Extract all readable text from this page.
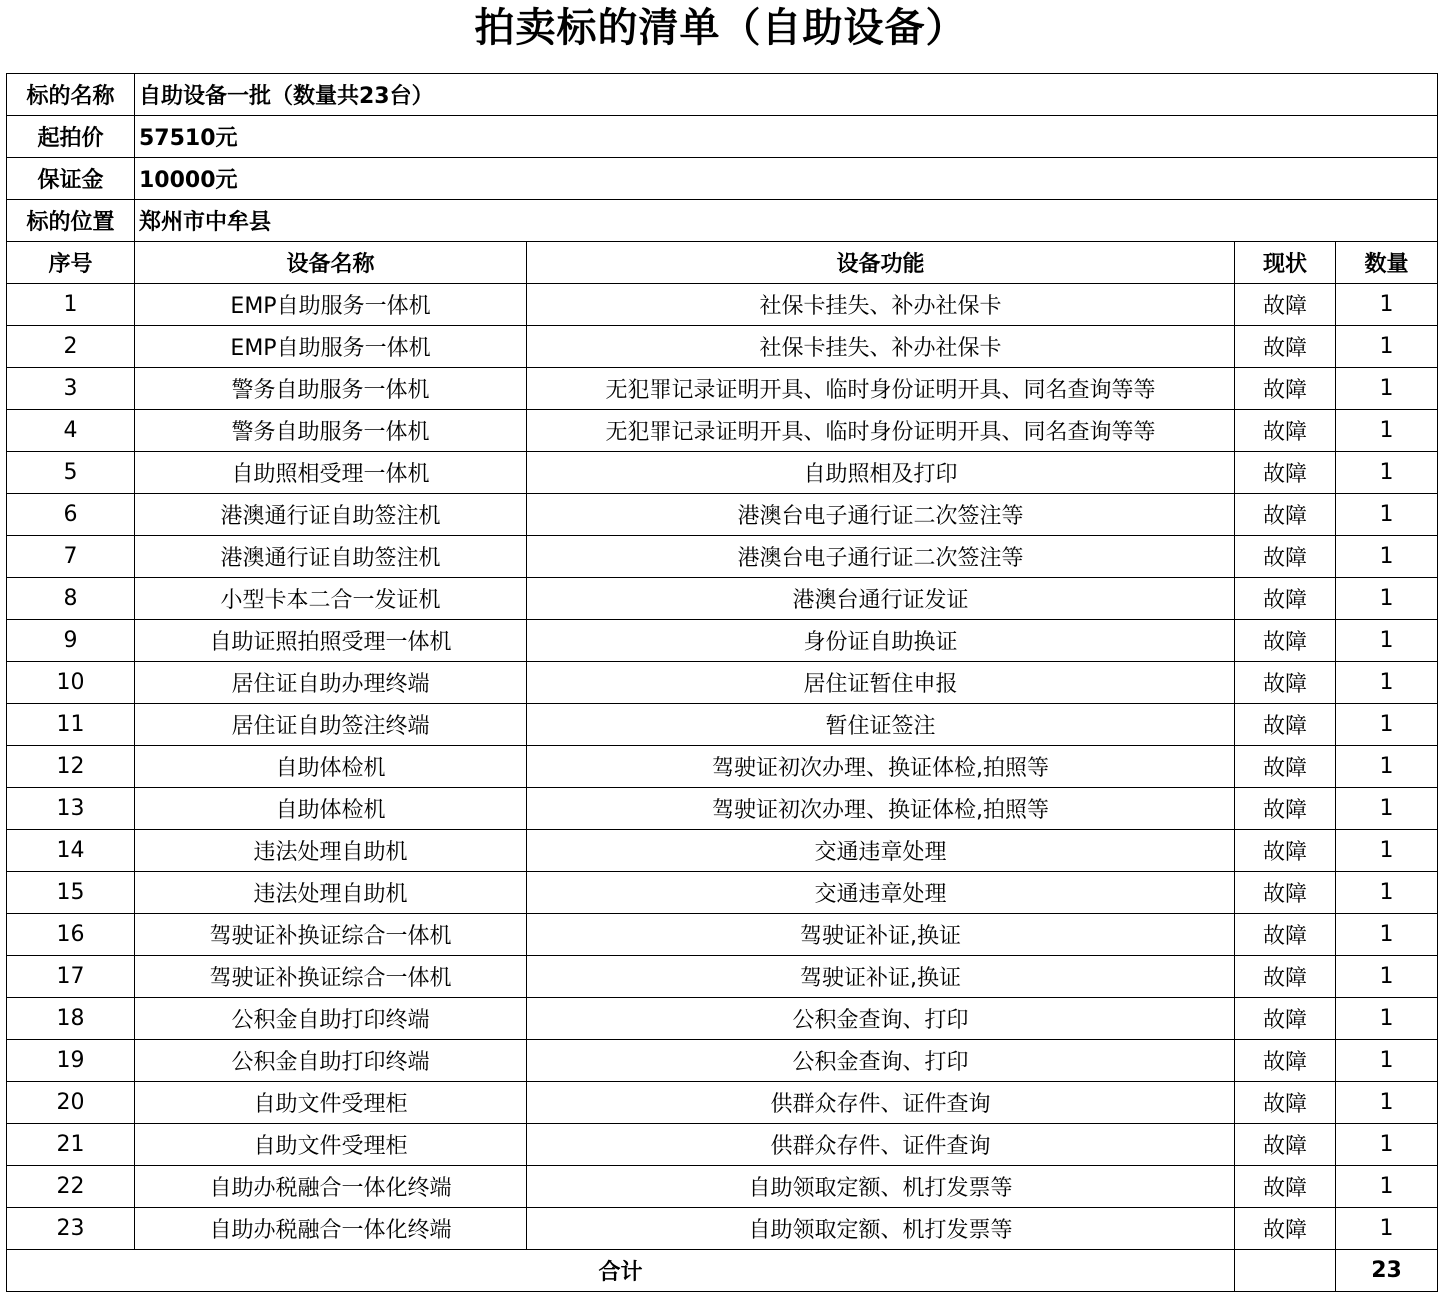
拍卖标的清单（自助设备）
标的名称	自助设备一批（数量共23台）			
起拍价	57510元			
保证金	10000元			
标的位置	郑州市中牟县			
序号	设备名称	设备功能	现状	数量
1	EMP自助服务一体机	社保卡挂失、补办社保卡	故障	1
2	EMP自助服务一体机	社保卡挂失、补办社保卡	故障	1
3	警务自助服务一体机	无犯罪记录证明开具、临时身份证明开具、同名查询等等	故障	1
4	警务自助服务一体机	无犯罪记录证明开具、临时身份证明开具、同名查询等等	故障	1
5	自助照相受理一体机	自助照相及打印	故障	1
6	港澳通行证自助签注机	港澳台电子通行证二次签注等	故障	1
7	港澳通行证自助签注机	港澳台电子通行证二次签注等	故障	1
8	小型卡本二合一发证机	港澳台通行证发证	故障	1
9	自助证照拍照受理一体机	身份证自助换证	故障	1
10	居住证自助办理终端	居住证暂住申报	故障	1
11	居住证自助签注终端	暂住证签注	故障	1
12	自助体检机	驾驶证初次办理、换证体检,拍照等	故障	1
13	自助体检机	驾驶证初次办理、换证体检,拍照等	故障	1
14	违法处理自助机	交通违章处理	故障	1
15	违法处理自助机	交通违章处理	故障	1
16	驾驶证补换证综合一体机	驾驶证补证,换证	故障	1
17	驾驶证补换证综合一体机	驾驶证补证,换证	故障	1
18	公积金自助打印终端	公积金查询、打印	故障	1
19	公积金自助打印终端	公积金查询、打印	故障	1
20	自助文件受理柜	供群众存件、证件查询	故障	1
21	自助文件受理柜	供群众存件、证件查询	故障	1
22	自助办税融合一体化终端	自助领取定额、机打发票等	故障	1
23	自助办税融合一体化终端	自助领取定额、机打发票等	故障	1
合计				23
